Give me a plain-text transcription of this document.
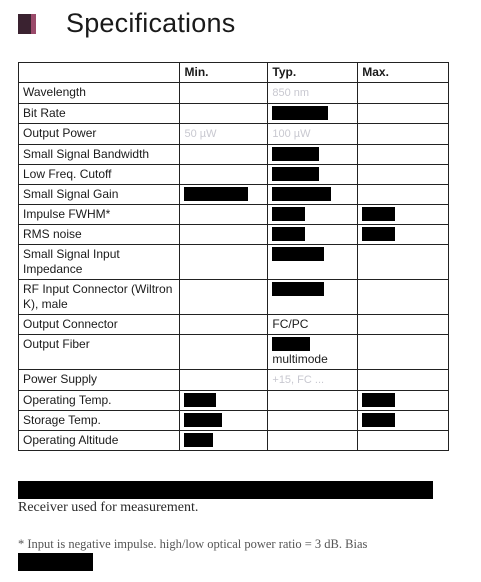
Specifications
	Min.	Typ.	Max.
Wavelength		850 nm	
Bit Rate			
Output Power	50 µW	100 µW	
Small Signal Bandwidth			
Low Freq. Cutoff			
Small Signal Gain			
Impulse FWHM*			
RMS noise			
Small Signal Input Impedance			
RF Input Connector (Wiltron K), male			
Output Connector		FC/PC	
Output Fiber		multimode	
Power Supply		+15, FC ...	
Operating Temp.			
Storage Temp.			
Operating Altitude			
Receiver used for measurement.
* Input is negative impulse. high/low optical power ratio = 3 dB. Bias
